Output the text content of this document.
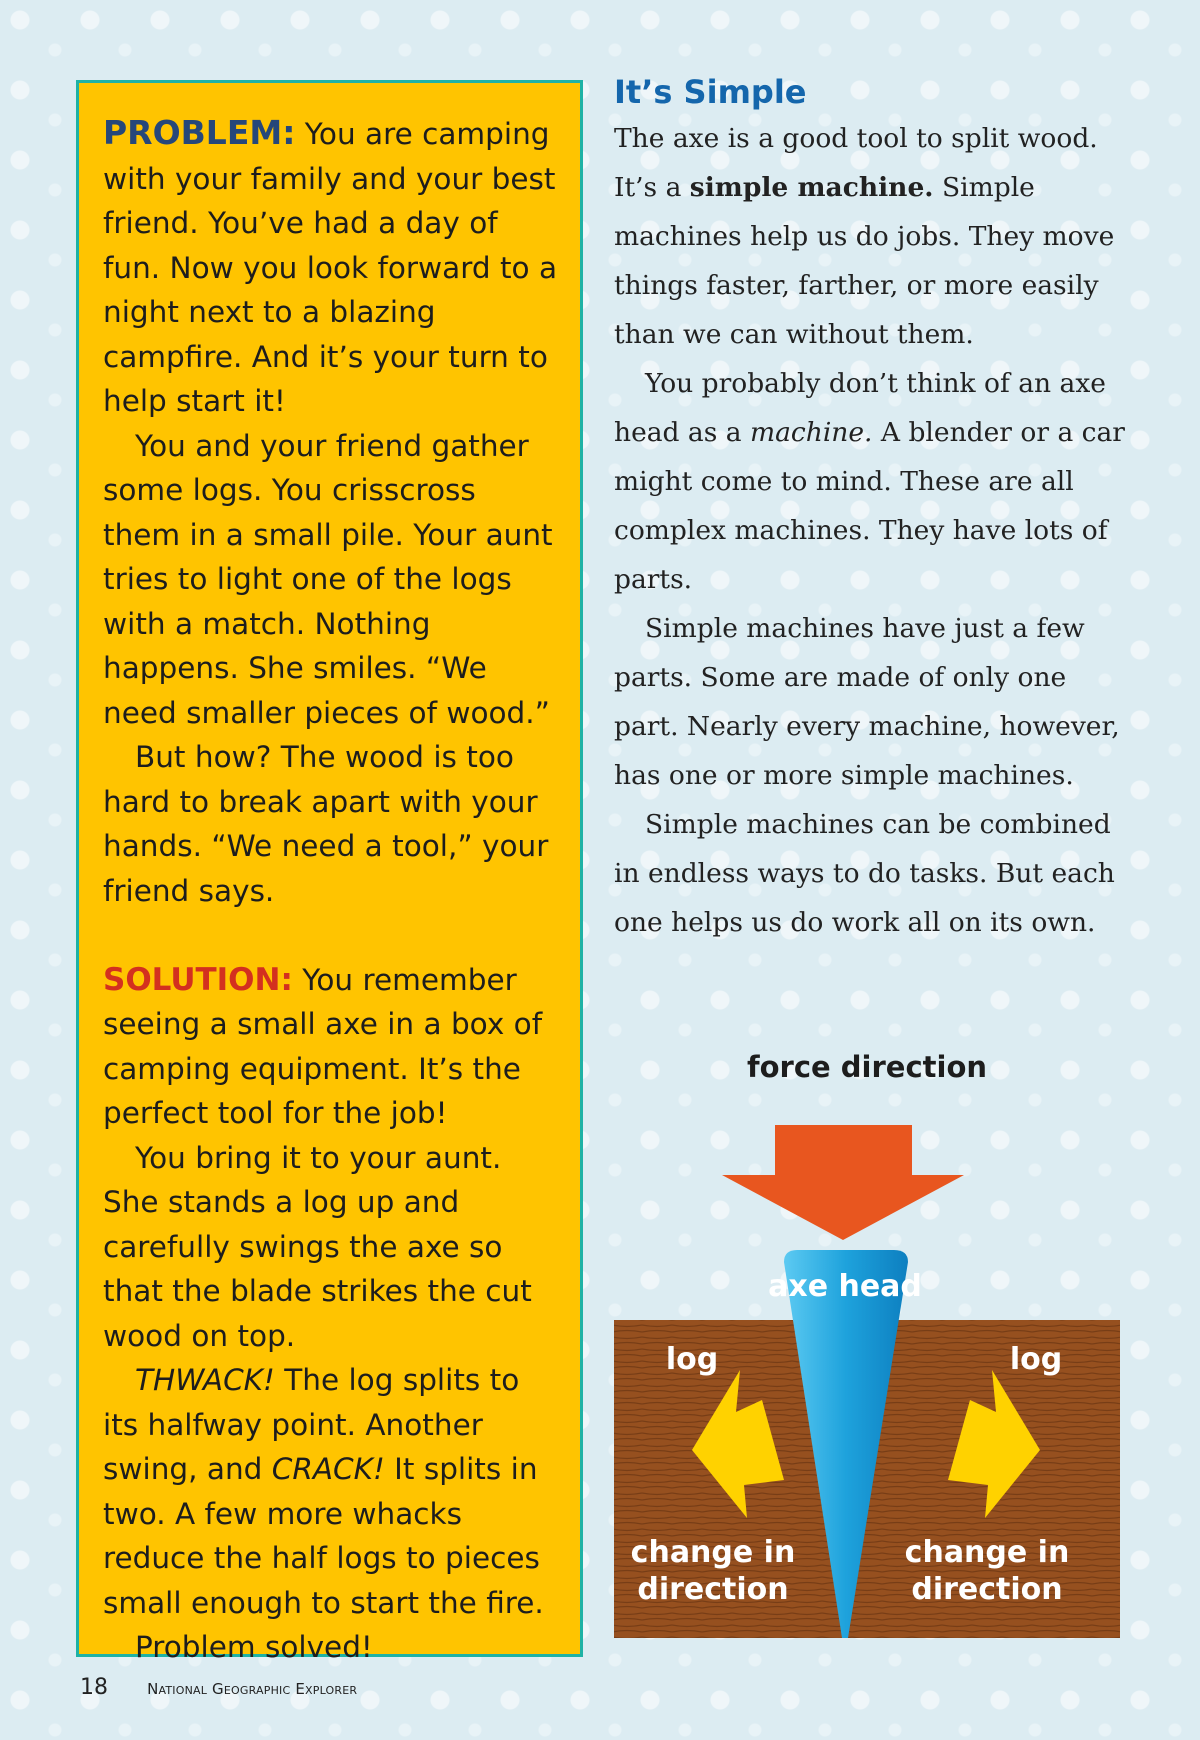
PROBLEM: You are camping with your family and your best friend. You’ve had a day of fun. Now you look forward to a night next to a blazing campfire. And it’s your turn to help start it!

You and your friend gather some logs. You crisscross them in a small pile. Your aunt tries to light one of the logs with a match. Nothing happens. She smiles. “We need smaller pieces of wood.”

But how? The wood is too hard to break apart with your hands. “We need a tool,” your friend says.

SOLUTION: You remember seeing a small axe in a box of camping equipment. It’s the perfect tool for the job!

You bring it to your aunt. She stands a log up and carefully swings the axe so that the blade strikes the cut wood on top.

THWACK! The log splits to its halfway point. Another swing, and CRACK! It splits in two. A few more whacks reduce the half logs to pieces small enough to start the fire.

Problem solved!

It’s Simple

The axe is a good tool to split wood. It’s a simple machine. Simple machines help us do jobs. They move things faster, farther, or more easily than we can without them.

You probably don’t think of an axe head as a machine. A blender or a car might come to mind. These are all complex machines. They have lots of parts.

Simple machines have just a few parts. Some are made of only one part. Nearly every machine, however, has one or more simple machines.

Simple machines can be combined in endless ways to do tasks. But each one helps us do work all on its own.

force direction
axe head
log	log
change in direction
change in direction
18	National Geographic Explorer
